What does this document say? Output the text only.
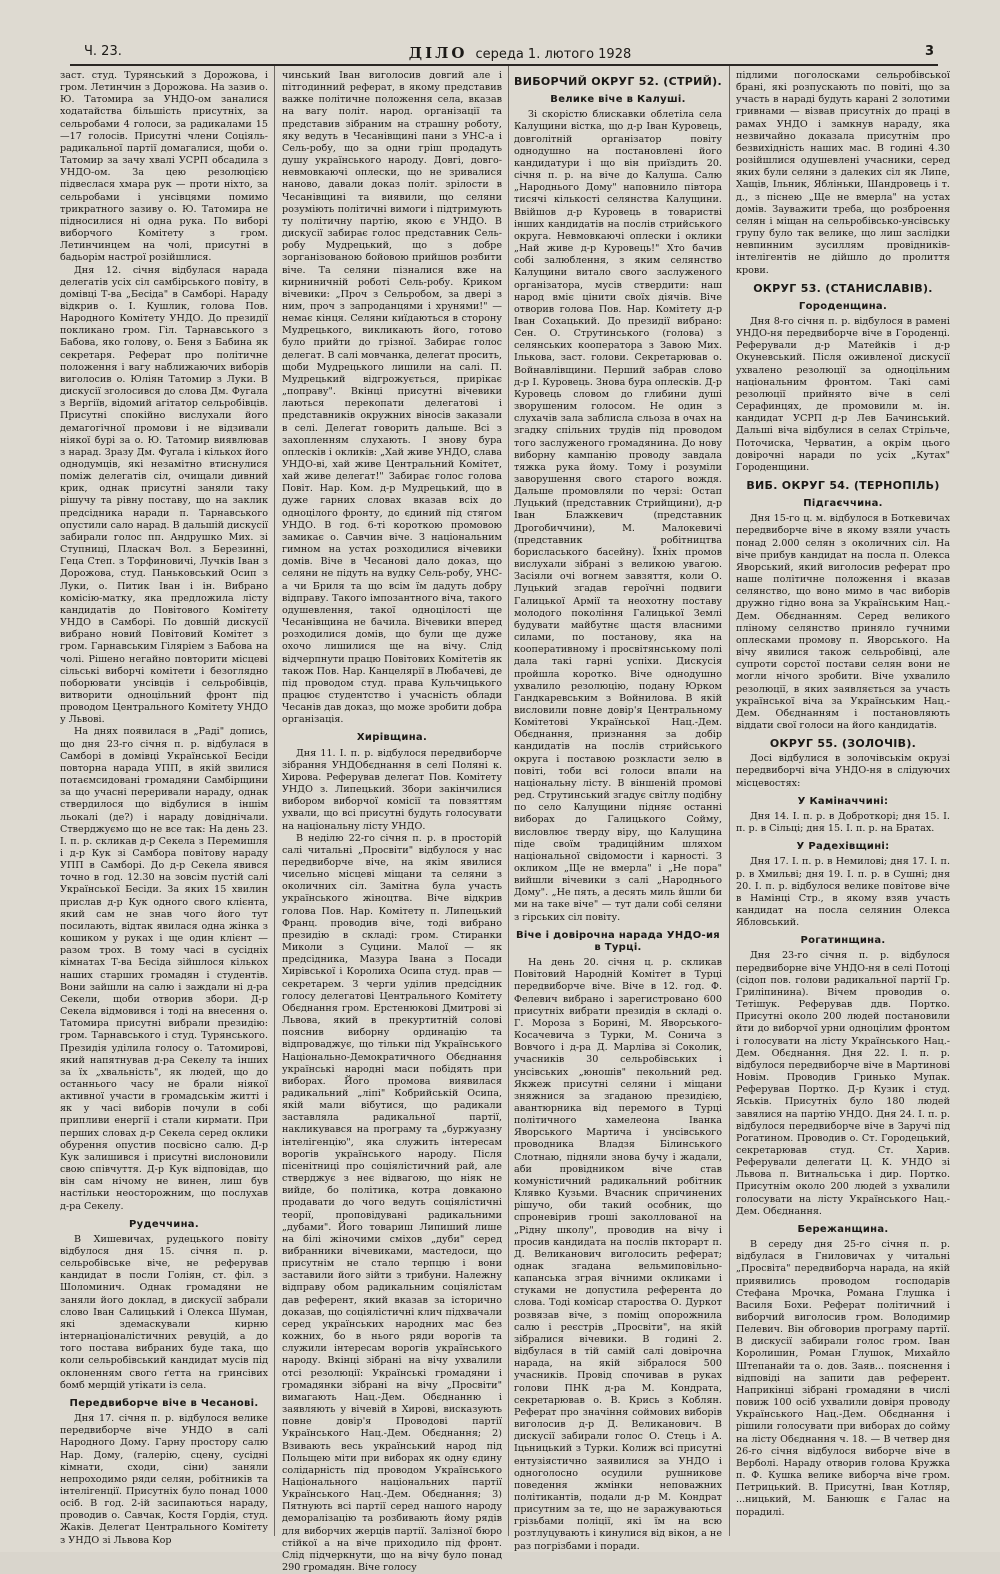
Ч. 23.	ДІЛО середа 1. лютого 1928	3

заст. студ. Турянський з Дорожова, і гром. Летинчин з Дорожова. На зазив о. Ю. Татомира за УНДО-ом заналися ходатайства більшість присутніх, за сельробами 4 голоси, за радикалами 15—17 голосів. Присутні члени Соціяль-радикальної партії домагалися, щоби о. Татомир за зачу хвалі УСРП обсадила з УНДО-ом. За цею резолюцією підвеслася хмара рук — проти ніхто, за сельробами і унсівцями помимо трикратного зазиву о. Ю. Татомира не підносилися ні одна рука. По виборі виборчого Комітету з гром. Летинчинцем на чолі, присутні в бадьорім настрої розійшлися.

Дня 12. січня відбулася нарада делегатів усіх сіл самбірського повіту, в домівці Т-ва „Бесіда" в Самборі. Нараду відкрив о. І. Кушлик, голова Пов. Народного Комітету УНДО. До президії покликано гром. Гіл. Тарнавського з Бабова, яко голову, о. Беня з Бабина як секретаря. Реферат про політичне положення і вагу наближаючих виборів виголосив о. Юліян Татомир з Луки. В дискусії зголосився до слова Дм. Фугала з Вергіїв, відомий агітатор сельробівців. Присутні спокійно вислухали його демагогічної промови і не відзивали ніякої бурі за о. Ю. Татомир виявлював з нарад. Зразу Дм. Фугала і кількох його однодумців, які незамітно втиснулися поміж делегатів сіл, очищали дивний крик, однак присутні заняли таку рішучу та рівну поставу, що на заклик предсідника наради п. Тарнавського опустили сало нарад. В дальшій дискусії забирали голос пп. Андрушко Мих. зі Ступниці, Пласкач Вол. з Березинні, Геца Степ. з Торфиновичі, Лучків Іван з Дорожова, студ. Паньковський Осип з Луки, о. Питик Іван і ін. Вибрано комісію-матку, яка предложила лісту кандидатів до Повітового Комітету УНДО в Самборі. По довшій дискусії вибрано новий Повітовий Комітет з гром. Гарнавським Гіляріем з Бабова на чолі. Рішено негайно повторити місцеві сільські виборчі комітети і безоглядно поборювати унсівців і сельробівців, витворити одноцільний фронт під проводом Центрального Комітету УНДО у Львові.

На днях появилася в „Раді" допись, що дня 23-го січня п. р. відбулася в Самборі в домівці Української Бесіди повторна нарада УПП, в якій звилися потаємсидовані громадяни Самбірщини за що учасні переривали нараду, однак ствердилося що відбулися в іншім льокалі (де?) і нараду довіднічали. Стверджуємо що не все так: На день 23. І. п. р. скликав д-р Секела з Перемишля і д-р Кук зі Самбора повітову нараду УПП в Самборі. До д-р Секела явився точно в год. 12.30 на зовсім пустій салі Української Бесіди. За яких 15 хвилин прислав д-р Кук одного свого клієнта, який сам не знав чого його тут посилають, відтак явилася одна жінка з кошиком у руках і ще один клієнт — разом трох. В тому часі в сусідніх кімнатах Т-ва Бесіда зійшлося кількох наших старших громадян і студентів. Вони зайшли на салю і заждали ні д-ра Секели, щоби отворив збори. Д-р Секела відмовився і тоді на внесення о. Татомира присутні вибрали президію: гром. Тарнавського і студ. Турянського. Президія уділила голосу о. Татомирові, який напятнував д-ра Секелу та інших за їх „хвальність", як людей, що до останнього часу не брали ніякої активної участи в громадськім житті і як у часі виборів почули в собі припливи енергії і стали кирмати. При перших словах д-р Секела серед оклики обурення опустив посвісно салю. Д-р Кук залишився і присутні вислоновили свою співчуття. Д-р Кук відповідав, що він сам нічому не винен, лиш був настільки неосторожним, що послухав д-ра Секелу.

Рудеччина.

В Хишевичах, рудецького повіту відбулося дня 15. січня п. р. сельробівське віче, не реферував кандидат в посли Голіян, ст. філ. з Шоломинич. Однак громадяни не заняли його доклад, в дискусії забрали слово Іван Салицький і Олекса Шуман, які здемаскували кирню інтернаціоналістичних ревуцій, а до того постава вибраних буде така, що коли сельробівський кандидат мусів під оклоненням свого ґетта на гринсівих бомб мерщій утікати із села.

Передвиборче віче в Чесанові.

Дня 17. січня п. р. відбулося велике передвиборче віче УНДО в салі Народного Дому. Гарну простору салю Нар. Дому, (галерію, сцену, сусідні кімнати, сходи, сіни) заняли непроходимо ряди селян, робітників та інтелігенції. Присутніх було понад 1000 осіб. В год. 2-ій засипаються нараду, проводив о. Савчак, Костя Гордія, студ. Жаків. Делегат Центрального Комітету з УНДО зі Львова Кор

чинський Іван виголосив довгий але і пітгодинний реферат, в якому представив важке політичне положення села, вказав на вагу політ. народ. організації та представив зібраним на страшну роботу, яку ведуть в Чесанівщині пани з УНС-а і Сель-робу, що за одни гріш продадуть душу українського народу. Довгі, довго-невмовкаючі оплески, що не зривалися наново, давали доказ політ. зрілости в Чесанівщині та виявили, що селяни розуміють політичні вимоги і підтримують ту політичну партію, якою є УНДО. В дискусії забирає голос представник Сель-робу Мудрецький, що з добре зорганізованою бойовою прийшов розбити віче. Та селяни пізналися вже на кирниничній роботі Сель-робу. Криком вічевики: „Проч з Сельробом, за двері з ним, проч з запроданцями і хрунями!" — немає кінця. Селяни киїдаються в сторону Мудрецького, викликають його, готово було прийти до грізної. Забирає голос делегат. В салі мовчанка, делегат просить, щоби Мудрецького лишили на салі. П. Мудрецький відгрожується, прирікає „поправу". Вкінці присутні вічевики лаються перекопати делегатові і представників окружних віносів заказали в селі. Делегат говорить дальше. Всі з захопленням слухають. І знову бура оплесків і окликів: „Хай живе УНДО, слава УНДО-ві, хай живе Центральний Комітет, хай живе делегат!" Забирає голос голова Повіт. Нар. Ком. д-р Мудрецький, що в дуже гарних словах вказав всіх до одноцілого фронту, до єдиний під стягом УНДО. В год. 6-ті короткою промовою замикає о. Савчин віче. З національним гимном на устах розходилися вічевики домів. Віче в Чесанові дало доказ, що селяни не підуть на вудку Сель-робу, УНС-а чи Бриля та що всім їм дадуть добру відправу. Такого імпозантного віча, такого одушевлення, такої одноцілості ще Чесанівщина не бачила. Вічевики вперед розходилися домів, що були ще дуже охочо лишилися ще на вічу. Слід відчерпнути працю Повітових Комітетів як також Пов. Нар. Канцелярії в Любачеві, де під проводом студ. права Кульчицького працює студентство і учасність облади Чесанів дав доказ, що може зробити добра організація.

Хирівщина.

Дня 11. І. п. р. відбулося передвиборче зібрання УНДОбєднання в селі Поляні к. Хирова. Реферував делегат Пов. Комітету УНДО з. Липецький. Збори закінчилися вибором виборчої комісії та повзяттям ухвали, що всі присутні будуть голосувати на національну лісту УНДО.

В неділю 22-го січня п. р. в просторій салі читальні „Просвіти" відбулося у нас передвиборче віче, на якім явилися чисельно місцеві міщани та селяни з околичних сіл. Замітна була участь українського жіноцтва. Віче відкрив голова Пов. Нар. Комітету п. Липецький Франц. проводив віче, тоді вибрано президію в складі: гром. Стиранки Миколи з Суцини. Малої — як предсідника, Мазура Івана з Посади Хирівської і Королиха Осипа студ. прав — секретарем. З черги уділив предсідник голосу делегатові Центрального Комітету Обєднання гром. Ерстенюкові Дмитрові зі Львова, який в прекуртитній солові пояснив виборну ординацію та відпроваджує, що тільки під Українського Національно-Демократичного Обєднання українські народні маси побідять при виборах. Його промова виявилася радикальний „ліпі" Кобрийській Осипа, якій мали вібутися, що радикали заставляла радикальної партії, накликувався на програму та „буржуазну інтелігенцію", яка служить інтересам ворогів українського народу. Після пісенітниці про соціялістичний рай, але стверджує з неє відвагою, що ніяк не вийде, бо політика, котра довкаюно продавати до чого ведуть соціялістичні теорії, проповідувані радикальними „дубами". Його товариш Липиший лише на білі жіночими сміхов „дуби" серед вибранники вічевиками, мастедоси, що присутнім не стало терпцю і вони заставили його зійти з трибуни. Належну відправу обом радикальним соціялістам дав референт, який вказав за історично доказав, що соціялістичні клич підхвачали серед українських народних мас без кожних, бо в нього ряди ворогів та служили інтересам ворогів українського народу. Вкінці зібрані на вічу ухвалили отсі резолюції: Українські громадяни і громадянки зібрані на вічу „Просвіти" вимагають Нац.-Дем. Обєднанню і заявляють у вічевій в Хирові, висказують повне довір'я Проводові партії Українського Нац.-Дем. Обєднання; 2) Взивають весь український народ під Польщею міти при виборах як одну єдину солідарність під проводом Українського Національного національних партії Українського Нац.-Дем. Обєднання; 3) Пятнують всі партії серед нашого народу деморалізацію та розбивають йому рядів для виборчих жерців партії. Залізної бюро стійкої а на віче приходило під фронт. Слід підчеркнути, що на вічу було понад 290 громадян. Віче голосу

ВИБОРЧИЙ ОКРУГ 52. (СТРИЙ).
Велике віче в Калуші.

Зі скорістю блискавки облетіла села Калущини вістка, що д-р Іван Куровець, довголітній організатор повіту однодушно на постановлені його кандидатури і що він приїздить 20. січня п. р. на віче до Калуша. Салю „Народнього Дому" наповнило півтора тисячі кількості селянства Калущини. Ввійшов д-р Куровець в товаристві інших кандидатів на послів стрийського округа. Невмовкаючі оплески і оклики „Най живе д-р Куровець!" Хто бачив собі залюблення, з яким селянство Калущини витало свого заслуженого організатора, мусів ствердити: наш народ вміє цінити своїх діячів. Віче отворив голова Пов. Нар. Комітету д-р Іван Сохацький. До президії вибрано: Сен. О. Струтинського (голова) з селянських кооператора з Завою Мих. Ількова, заст. голови. Секретарював о. Войнавлівщини. Перший забрав слово д-р І. Куровець. Знова бура оплесків. Д-р Куровець словом до глибини душі зворушеним голосом. Не один з слухачів зала заблисла сльоза в очах на згадку спільних трудів під проводом того заслуженого громадянина. До нову виборну кампанію проводу завдала тяжка рука йому. Тому і розуміли заворушення свого старого вождя. Дальше промовляли по черзі: Остап Луцький (представник Стрийщини), д-р Іван Блажкевич (представник Дрогобиччини), М. Малокевичі (представник робітництва борисласького басейну). Їхніх промов вислухали зібрані з великою увагою. Засіяли очі вогнем завзяття, коли О. Луцький згадав героїчні подвиги Галицької Армії та неохотну поставу молодого покоління Галицької Землі будувати майбутнє щастя власними силами, по постанову, яка на кооперативному і просвітянському полі дала такі гарні успіхи. Дискусія пройшла коротко. Віче однодушно ухвалило резолюцію, подану Юрком Гандкаревським з Войнилова. В якій висловили повне довір'я Центральному Комітетові Української Нац.-Дем. Обєднання, признання за добір кандидатів на послів стрийського округа і поставою розкласти зелю в повіті, тоби всі голоси впали на національну лісту. В віншеній промові ред. Струтинський згадує світлу подібну по село Калущини підняє останні виборах до Галицького Сойму, висловлює тверду віру, що Калущина піде своїм традиційним шляхом національної свідомости і карності. З окликом „Ще не вмерла" і „Не пора" вийшли вічевики з салі „Народнього Дому". „Не пять, а десять миль йшли би ми на таке віче" — тут дали собі селяни з гірських сіл повіту.

Віче і довірочна нарада УНДО-ия в Турці.

На день 20. січня ц. р. скликав Повітовий Народній Комітет в Турці передвиборче віче. Віче в 12. год. Ф. Фелевич вибрано і зарегистровано 600 присутніх вибрати президія в складі о. Г. Мороза з Борині, М. Яворського-Косачевича з Турки, М. Сонича з Вовчого і д-ра Д. Марліва зі Соколик, учасників 30 сельробівських і унсівських „юношів" пекольний ред. Якжеж присутні селяни і міщани зняжнися за згаданою президією, авантюрника від перемого в Турці політичного хамелеона Іванка Яворського Мартича і унсівського проводника Владзя Білинського Слотнаю, підняли знова бучу і жадали, аби провідником віче став комуністичний радикальний робітник Клявко Кузьми. Вчасник спричинених рішучо, оби такий особник, що спроневірив гроші заколлованої на „Рідну школу", проводив на вічу і просив кандидата на послів пкторарт п. Д. Великанович виголосить реферат; однак згадана вельмиповільно-капанська зграя вічними окликами і стуками не допустила референта до слова. Тоді комісар староства О. Дуркот розвязав віче, з поміщ опорожнила салю і реєстрів „Просвіти", на якій зібралися вічевики. В годині 2. відбулася в тій самій салі довірочна нарада, на якій зібралося 500 учасників. Провід спочивав в руках голови ПНК д-ра М. Кондрата, секретарював о. В. Крись з Коблян. Реферат про значіння соймових виборів виголосив д-р Д. Великанович. В дискусії забирали голос О. Стець і А. Іцьницький з Турки. Колиж всі присутні ентузіястично заявилися за УНДО і одноголосно осудили рушникове поведення жмінки неповажних політикантів, подали д-р М. Кондрат присутним за те, що не заражуваються грізьбами поліції, які їм на всю розтлуцувають і кинулися від вікон, а не раз погрізбами і поради.

підлими поголосками сельробівської брані, які розпускають по повіті, що за участь в нараді будуть карані 2 золотими гривнами — візвав присутніх до праці в рамах УНДО і замкнув нараду, яка незвичайно доказала присутнім про безвихідність наших мас. В годині 4.30 розійшлися одушевлені учасники, серед яких були селяни з далеких сіл як Липе, Хащів, Ільник, Ябліньки, Шандровець і т. д., з піснею „Ще не вмерла" на устах домів. Зауважити треба, що розброення селян і міщан на сельробівсько-унсівську групу було так велике, що лиш заслідки невпинним зусиллям провідників-інтелігентів не дійшло до пролиття крови.

ОКРУГ 53. (СТАНИСЛАВІВ).
Городенщина.

Дня 8-го січня п. р. відбулося в рамені УНДО-ня передвиборче віче в Городенці. Реферували д-р Матейків і д-р Окуневський. Після оживленої дискусії ухвалено резолюції за одноцільним національним фронтом. Такі самі резолюції прийнято віче в селі Серафинцях, де промовили м. ін. кандидат УСРП д-р Лев Бачинський. Дальші віча відбулися в селах Стрільче, Поточиска, Черватин, а окрім цього довірочні наради по усіх „Кутах" Городенщини.

ВИБ. ОКРУГ 54. (ТЕРНОПІЛЬ)
Підгаєччина.

Дня 15-го ц. м. відбулося в Боткевичах передвиборче віче в якому взяли участь понад 2.000 селян з околичних сіл. На віче прибув кандидат на посла п. Олекса Яворський, який виголосив реферат про наше політичне положення і вказав селянство, що воно мимо в час виборів дружно гідно вона за Українським Нац.-Дем. Обєднанням. Серед великого пліному селянство приняло гучними оплесками промову п. Яворського. На вічу явилися також сельробівці, але супроти сорстої постави селян вони не могли нічого зробити. Віче ухвалило резолюції, в яких заявляється за участь української віча за Українським Нац.-Дем. Обєднанням і постановляють віддати свої голоси на його кандидатів.

ОКРУГ 55. (ЗОЛОЧІВ).

Досі відбулися в золочівськім окрузі передвиборчі віча УНДО-ня в слідуючих місцевостях:

У Каміначчині:

Дня 14. І. п. р. в Доброткорі; дня 15. І. п. р. в Сільці; дня 15. І. п. р. на Братах.

У Радехівщині:

Дня 17. І. п. р. в Немилові; дня 17. І. п. р. в Хмильві; дня 19. І. п. р. в Сушні; дня 20. І. п. р. відбулося велике повітове віче в Намінці Стр., в якому взяв участь кандидат на посла селянин Олекса Ябловський.

Рогатинщина.

Дня 23-го січня п. р. відбулося передвиборне віче УНДО-ня в селі Потоці (сідоп пов. голови радикальної партії Гр. Гриліпинина). Вічем проводив о. Тетішук. Реферував ддв. Портко. Присутні около 200 людей постановили йти до виборчої урни одноцілим фронтом і голосувати на лісту Українського Нац.-Дем. Обєднання. Дня 22. І. п. р. відбулося передвиборче віче в Мартинові Новім. Проводив Гринько Мупак. Реферував Портко. Д-р Кузик і студ. Яськів. Присутніх було 180 людей завялися на партію УНДО. Дня 24. І. п. р. відбулося передвиборче віче в Заручі під Рогатином. Проводив о. Ст. Городецький, секретарював студ. Ст. Харив. Реферували делегати Ц. К. УНДО зі Львова п. Витнальська і дир. Портко. Присутнім около 200 людей з ухвалили голосувати на лісту Українського Нац.-Дем. Обєднання.

Бережанщина.

В середу дня 25-го січня п. р. відбулася в Гниловичах у читальні „Просвіта" передвиборча нарада, на якій приявились проводом господарів Стефана Мрочка, Романа Глушка і Василя Бохи. Реферат політичний і виборчий виголосив гром. Володимир Пелевич. Він обговорив програму партії. В дискусії забирали голос гром. Іван Королишин, Роман Глушок, Михайло Штепанайи та о. дов. Заяв... пояснення і відповіді на запити дав референт. Наприкінці зібрані громадяни в числі повиж 100 осіб ухвалили довіря проводу Українського Нац.-Дем. Обєднання і рішили голосувати при виборах до сойму на лісту Обєднання ч. 18. — В четвер дня 26-го січня відбулося виборче віче в Верболі. Нараду отворив голова Кружка п. Ф. Кушка велике виборча віче гром. Петрицький. В. Присутні, Іван Котляр, ...ницький, М. Банюшк є Галас на порадилі.
